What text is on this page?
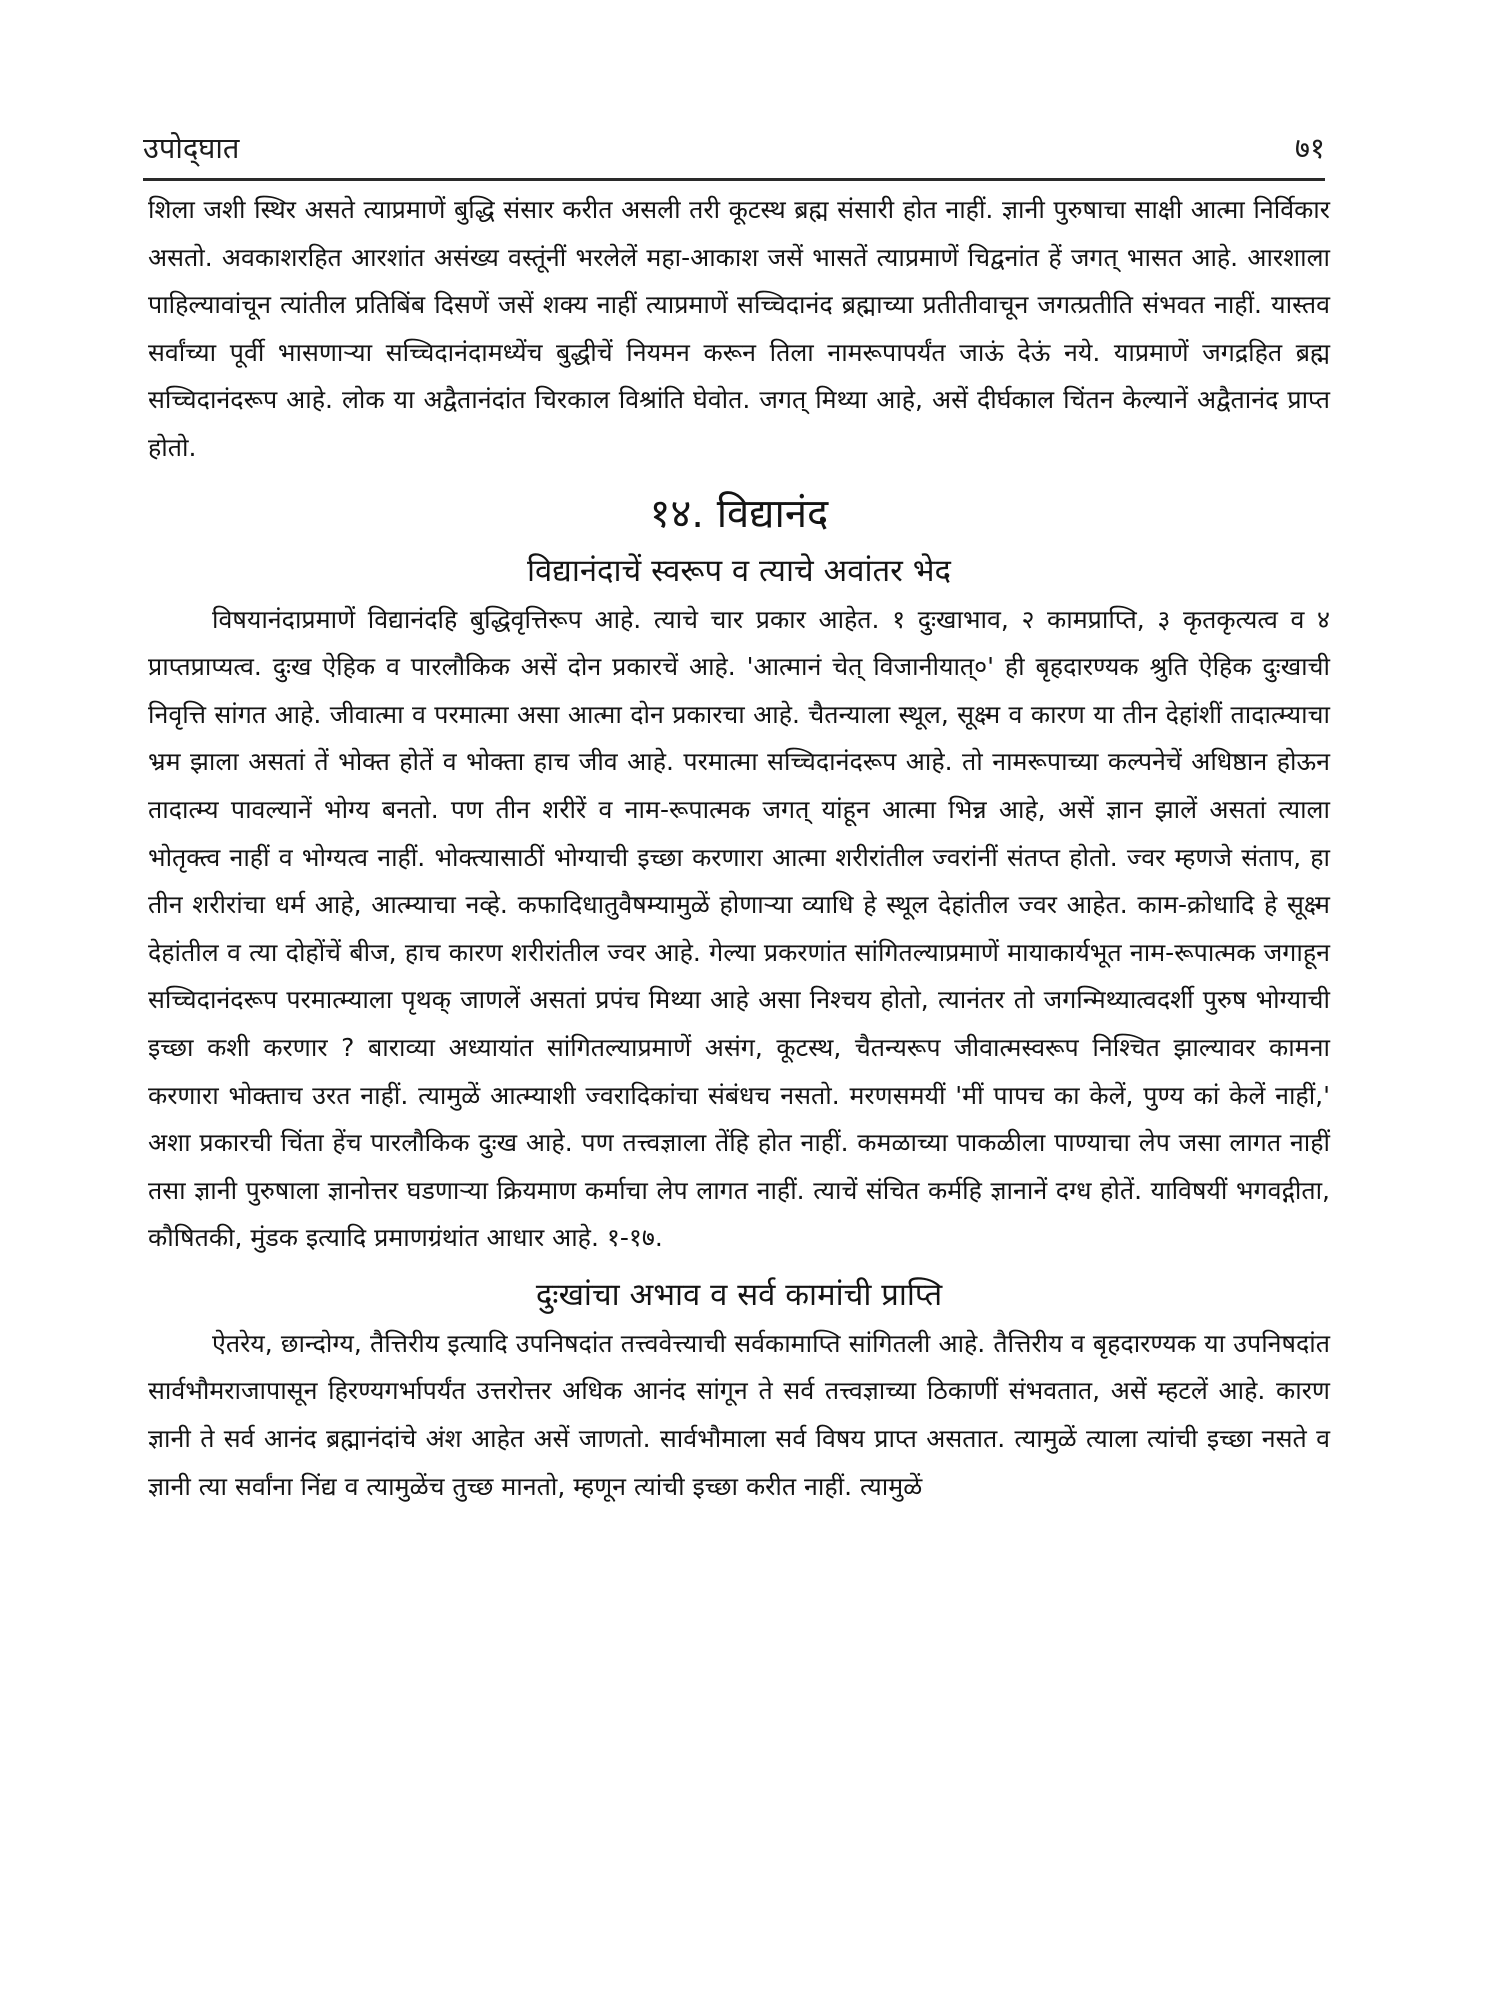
उपोद्‍घात	७१

शिला जशी स्थिर असते त्याप्रमाणें बुद्धि संसार करीत असली तरी कूटस्थ ब्रह्म संसारी होत नाहीं. ज्ञानी पुरुषाचा साक्षी आत्मा निर्विकार असतो. अवकाशरहित आरशांत असंख्य वस्तूंनीं भरलेलें महा-आकाश जसें भासतें त्याप्रमाणें चिद्वनांत हें जगत् भासत आहे. आरशाला पाहिल्यावांचून त्यांतील प्रतिबिंब दिसणें जसें शक्य नाहीं त्याप्रमाणें सच्चिदानंद ब्रह्माच्या प्रतीतीवाचून जगत्प्रतीति संभवत नाहीं. यास्तव सर्वांच्या पूर्वी भासणाऱ्या सच्चिदानंदामध्येंच बुद्धीचें नियमन करून तिला नामरूपापर्यंत जाऊं देऊं नये. याप्रमाणें जगद्रहित ब्रह्म सच्चिदानंदरूप आहे. लोक या अद्वैतानंदांत चिरकाल विश्रांति घेवोत. जगत् मिथ्या आहे, असें दीर्घकाल चिंतन केल्यानें अद्वैतानंद प्राप्त होतो.

१४. विद्यानंद
विद्यानंदाचें स्वरूप व त्याचे अवांतर भेद

विषयानंदाप्रमाणें विद्यानंदहि बुद्धिवृत्तिरूप आहे. त्याचे चार प्रकार आहेत. १ दुःखाभाव, २ कामप्राप्ति, ३ कृतकृत्यत्व व ४ प्राप्तप्राप्यत्व. दुःख ऐहिक व पारलौकिक असें दोन प्रकारचें आहे. 'आत्मानं चेत् विजानीयात्०' ही बृहदारण्यक श्रुति ऐहिक दुःखाची निवृत्ति सांगत आहे. जीवात्मा व परमात्मा असा आत्मा दोन प्रकारचा आहे. चैतन्याला स्थूल, सूक्ष्म व कारण या तीन देहांशीं तादात्म्याचा भ्रम झाला असतां तें भोक्त होतें व भोक्ता हाच जीव आहे. परमात्मा सच्चिदानंदरूप आहे. तो नामरूपाच्या कल्पनेचें अधिष्ठान होऊन तादात्म्य पावल्यानें भोग्य बनतो. पण तीन शरीरें व नाम-रूपात्मक जगत् यांहून आत्मा भिन्न आहे, असें ज्ञान झालें असतां त्याला भोतृक्त्व नाहीं व भोग्यत्व नाहीं. भोक्त्यासाठीं भोग्याची इच्छा करणारा आत्मा शरीरांतील ज्वरांनीं संतप्त होतो. ज्वर म्हणजे संताप, हा तीन शरीरांचा धर्म आहे, आत्म्याचा नव्हे. कफादिधातुवैषम्यामुळें होणाऱ्या व्याधि हे स्थूल देहांतील ज्वर आहेत. काम-क्रोधादि हे सूक्ष्म देहांतील व त्या दोहोंचें बीज, हाच कारण शरीरांतील ज्वर आहे. गेल्या प्रकरणांत सांगितल्याप्रमाणें मायाकार्यभूत नाम-रूपात्मक जगाहून सच्चिदानंदरूप परमात्म्याला पृथक् जाणलें असतां प्रपंच मिथ्या आहे असा निश्चय होतो, त्यानंतर तो जगन्मिथ्यात्वदर्शी पुरुष भोग्याची इच्छा कशी करणार ? बाराव्या अध्यायांत सांगितल्याप्रमाणें असंग, कूटस्थ, चैतन्यरूप जीवात्मस्वरूप निश्चित झाल्यावर कामना करणारा भोक्ताच उरत नाहीं. त्यामुळें आत्म्याशी ज्वरादिकांचा संबंधच नसतो. मरणसमयीं 'मीं पापच का केलें, पुण्य कां केलें नाहीं,' अशा प्रकारची चिंता हेंच पारलौकिक दुःख आहे. पण तत्त्वज्ञाला तेंहि होत नाहीं. कमळाच्या पाकळीला पाण्याचा लेप जसा लागत नाहीं तसा ज्ञानी पुरुषाला ज्ञानोत्तर घडणाऱ्या क्रियमाण कर्माचा लेप लागत नाहीं. त्याचें संचित कर्महि ज्ञानानें दग्ध होतें. याविषयीं भगवद्गीता, कौषितकी, मुंडक इत्यादि प्रमाणग्रंथांत आधार आहे. १-१७.

दुःखांचा अभाव व सर्व कामांची प्राप्ति

ऐतरेय, छान्दोग्य, तैत्तिरीय इत्यादि उपनिषदांत तत्त्ववेत्त्याची सर्वकामाप्ति सांगितली आहे. तैत्तिरीय व बृहदारण्यक या उपनिषदांत सार्वभौमराजापासून हिरण्यगर्भापर्यंत उत्तरोत्तर अधिक आनंद सांगून ते सर्व तत्त्वज्ञाच्या ठिकाणीं संभवतात, असें म्हटलें आहे. कारण ज्ञानी ते सर्व आनंद ब्रह्मानंदांचे अंश आहेत असें जाणतो. सार्वभौमाला सर्व विषय प्राप्त असतात. त्यामुळें त्याला त्यांची इच्छा नसते व ज्ञानी त्या सर्वांना निंद्य व त्यामुळेंच तुच्छ मानतो, म्हणून त्यांची इच्छा करीत नाहीं. त्यामुळें
